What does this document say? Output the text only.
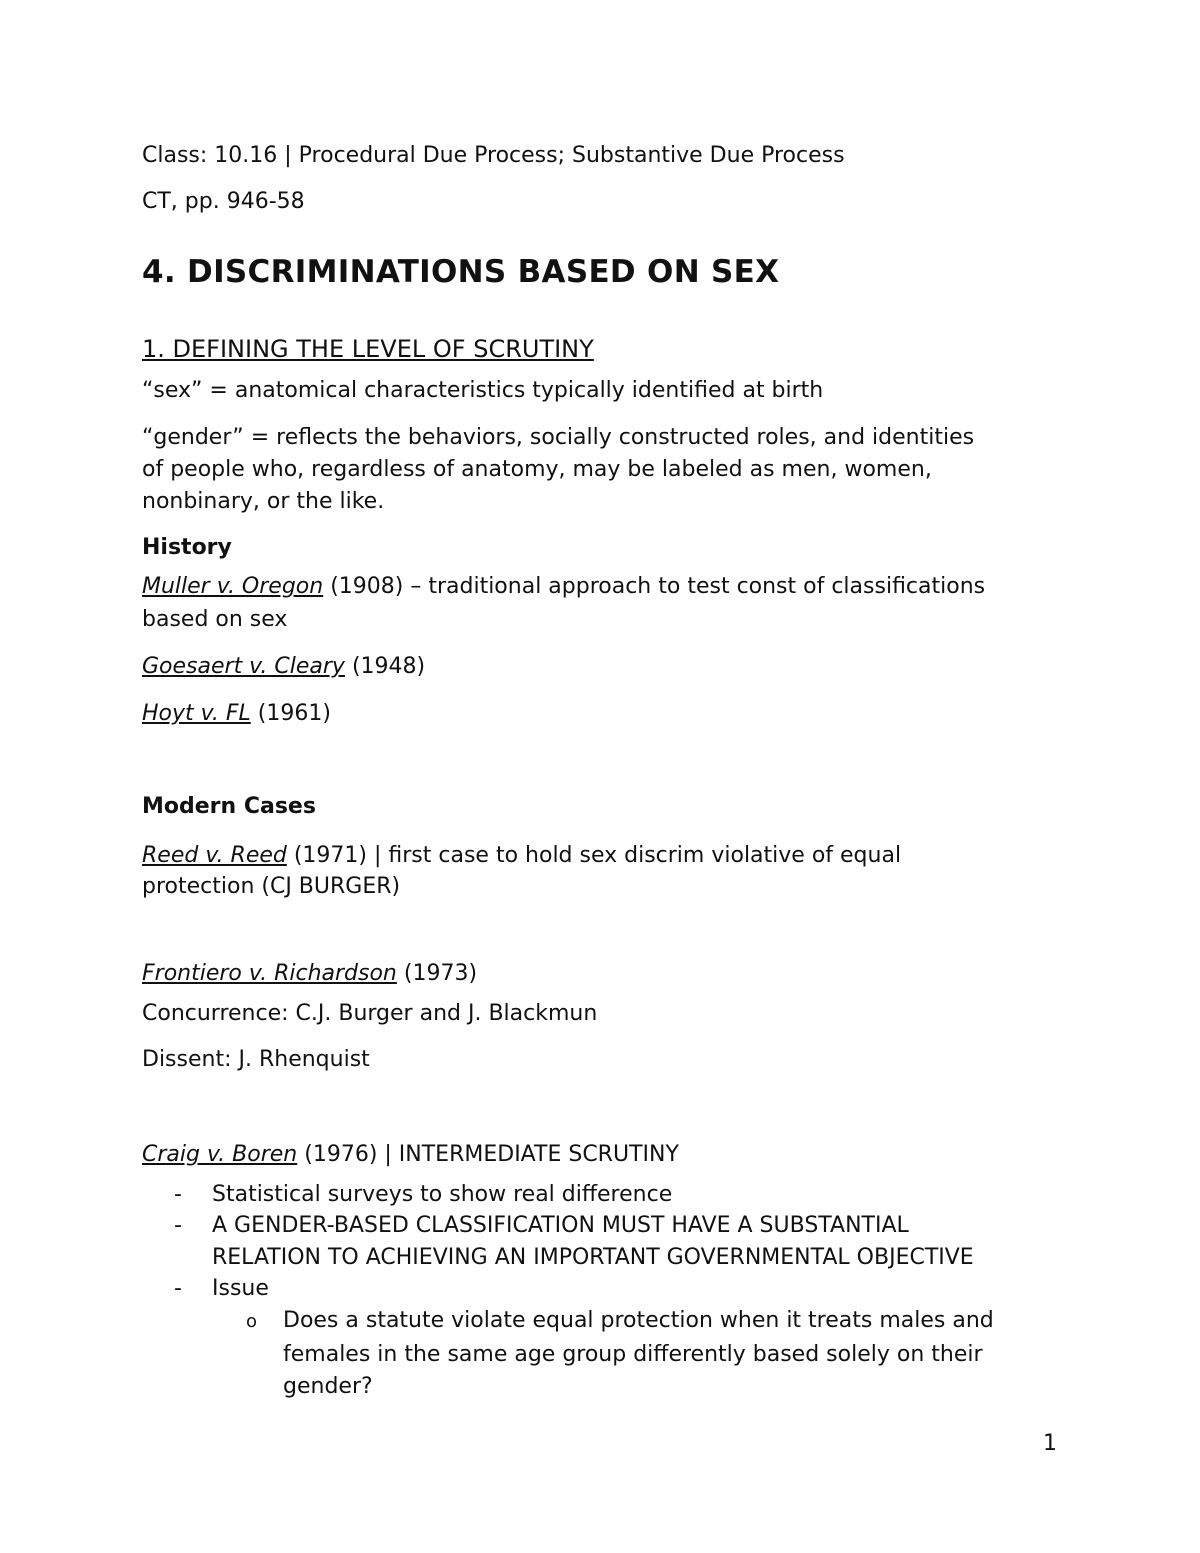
Class: 10.16 | Procedural Due Process; Substantive Due Process
CT, pp. 946-58
4. DISCRIMINATIONS BASED ON SEX
1. DEFINING THE LEVEL OF SCRUTINY
“sex” = anatomical characteristics typically identified at birth
“gender” = reflects the behaviors, socially constructed roles, and identities
of people who, regardless of anatomy, may be labeled as men, women,
nonbinary, or the like.
History
Muller v. Oregon (1908) – traditional approach to test const of classifications
based on sex
Goesaert v. Cleary (1948)
Hoyt v. FL (1961)
Modern Cases
Reed v. Reed (1971) | first case to hold sex discrim violative of equal
protection (CJ BURGER)
Frontiero v. Richardson (1973)
Concurrence: C.J. Burger and J. Blackmun
Dissent: J. Rhenquist
Craig v. Boren (1976) | INTERMEDIATE SCRUTINY
- Statistical surveys to show real difference
- A GENDER-BASED CLASSIFICATION MUST HAVE A SUBSTANTIAL
RELATION TO ACHIEVING AN IMPORTANT GOVERNMENTAL OBJECTIVE
- Issue
o Does a statute violate equal protection when it treats males and
females in the same age group differently based solely on their
gender?
1
